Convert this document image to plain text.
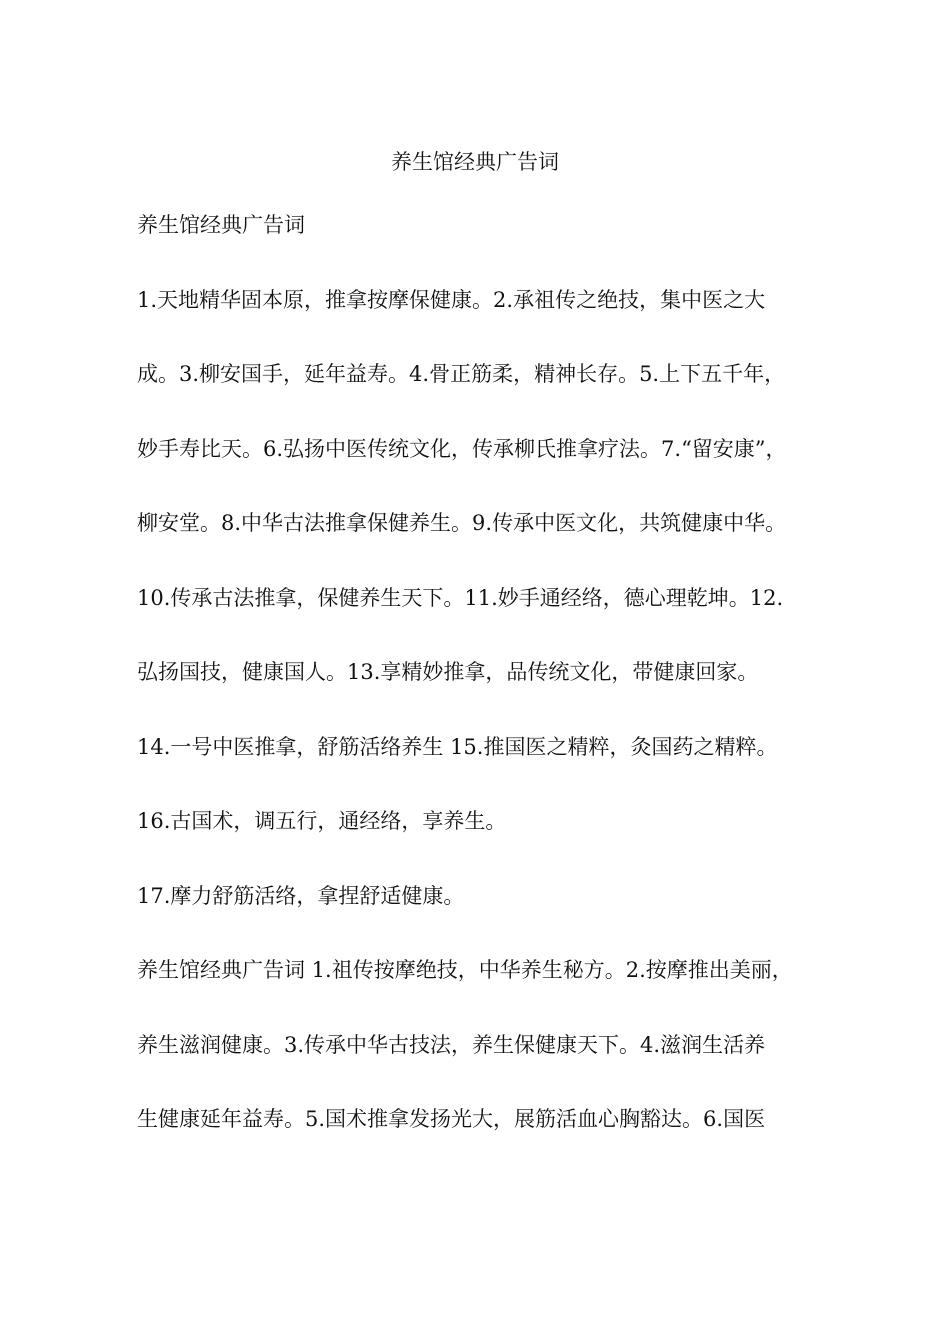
养生馆经典广告词
养生馆经典广告词
1.天地精华固本原，推拿按摩保健康。2.承祖传之绝技，集中医之大
成。3.柳安国手，延年益寿。4.骨正筋柔，精神长存。5.上下五千年，
妙手寿比天。6.弘扬中医传统文化，传承柳氏推拿疗法。7.“留安康”，
柳安堂。8.中华古法推拿保健养生。9.传承中医文化，共筑健康中华。
10.传承古法推拿，保健养生天下。11.妙手通经络，德心理乾坤。12.
弘扬国技，健康国人。13.享精妙推拿，品传统文化，带健康回家。
14.一号中医推拿，舒筋活络养生 15.推国医之精粹，灸国药之精粹。
16.古国术，调五行，通经络，享养生。
17.摩力舒筋活络，拿捏舒适健康。
养生馆经典广告词 1.祖传按摩绝技，中华养生秘方。2.按摩推出美丽，
养生滋润健康。3.传承中华古技法，养生保健康天下。4.滋润生活养
生健康延年益寿。5.国术推拿发扬光大，展筋活血心胸豁达。6.国医
